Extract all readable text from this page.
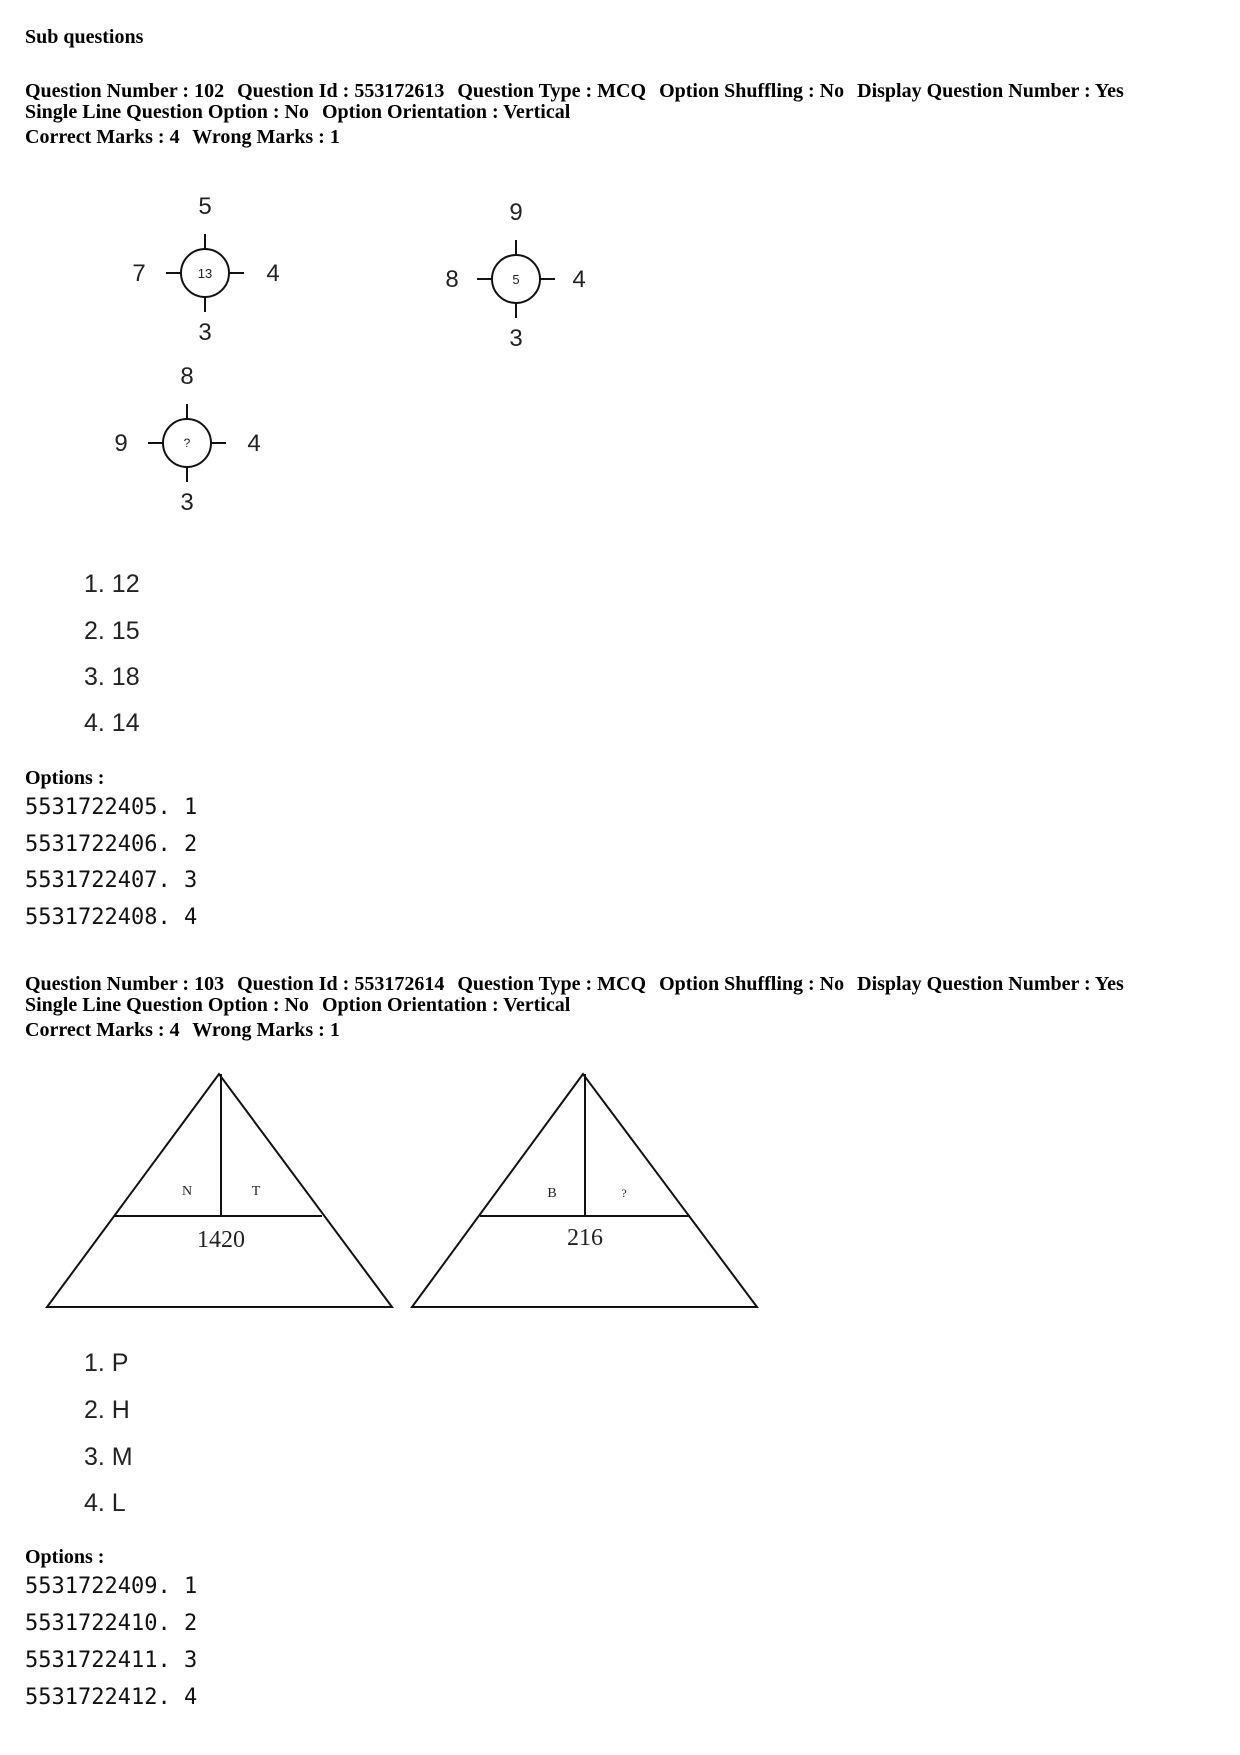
Sub questions
Question Number : 102 Question Id : 553172613 Question Type : MCQ Option Shuffling : No Display Question Number : Yes
Single Line Question Option : No Option Orientation : Vertical
Correct Marks : 4 Wrong Marks : 1
13
5
3
7	4	5
9
3
8	4
?
8
3
9	4
1. 12
2. 15
3. 18
4. 14
Options :
5531722405. 1
5531722406. 2
5531722407. 3
5531722408. 4
Question Number : 103 Question Id : 553172614 Question Type : MCQ Option Shuffling : No Display Question Number : Yes
Single Line Question Option : No Option Orientation : Vertical
Correct Marks : 4 Wrong Marks : 1
N	T
1420
B	?
216
1. P
2. H
3. M
4. L
Options :
5531722409. 1
5531722410. 2
5531722411. 3
5531722412. 4
